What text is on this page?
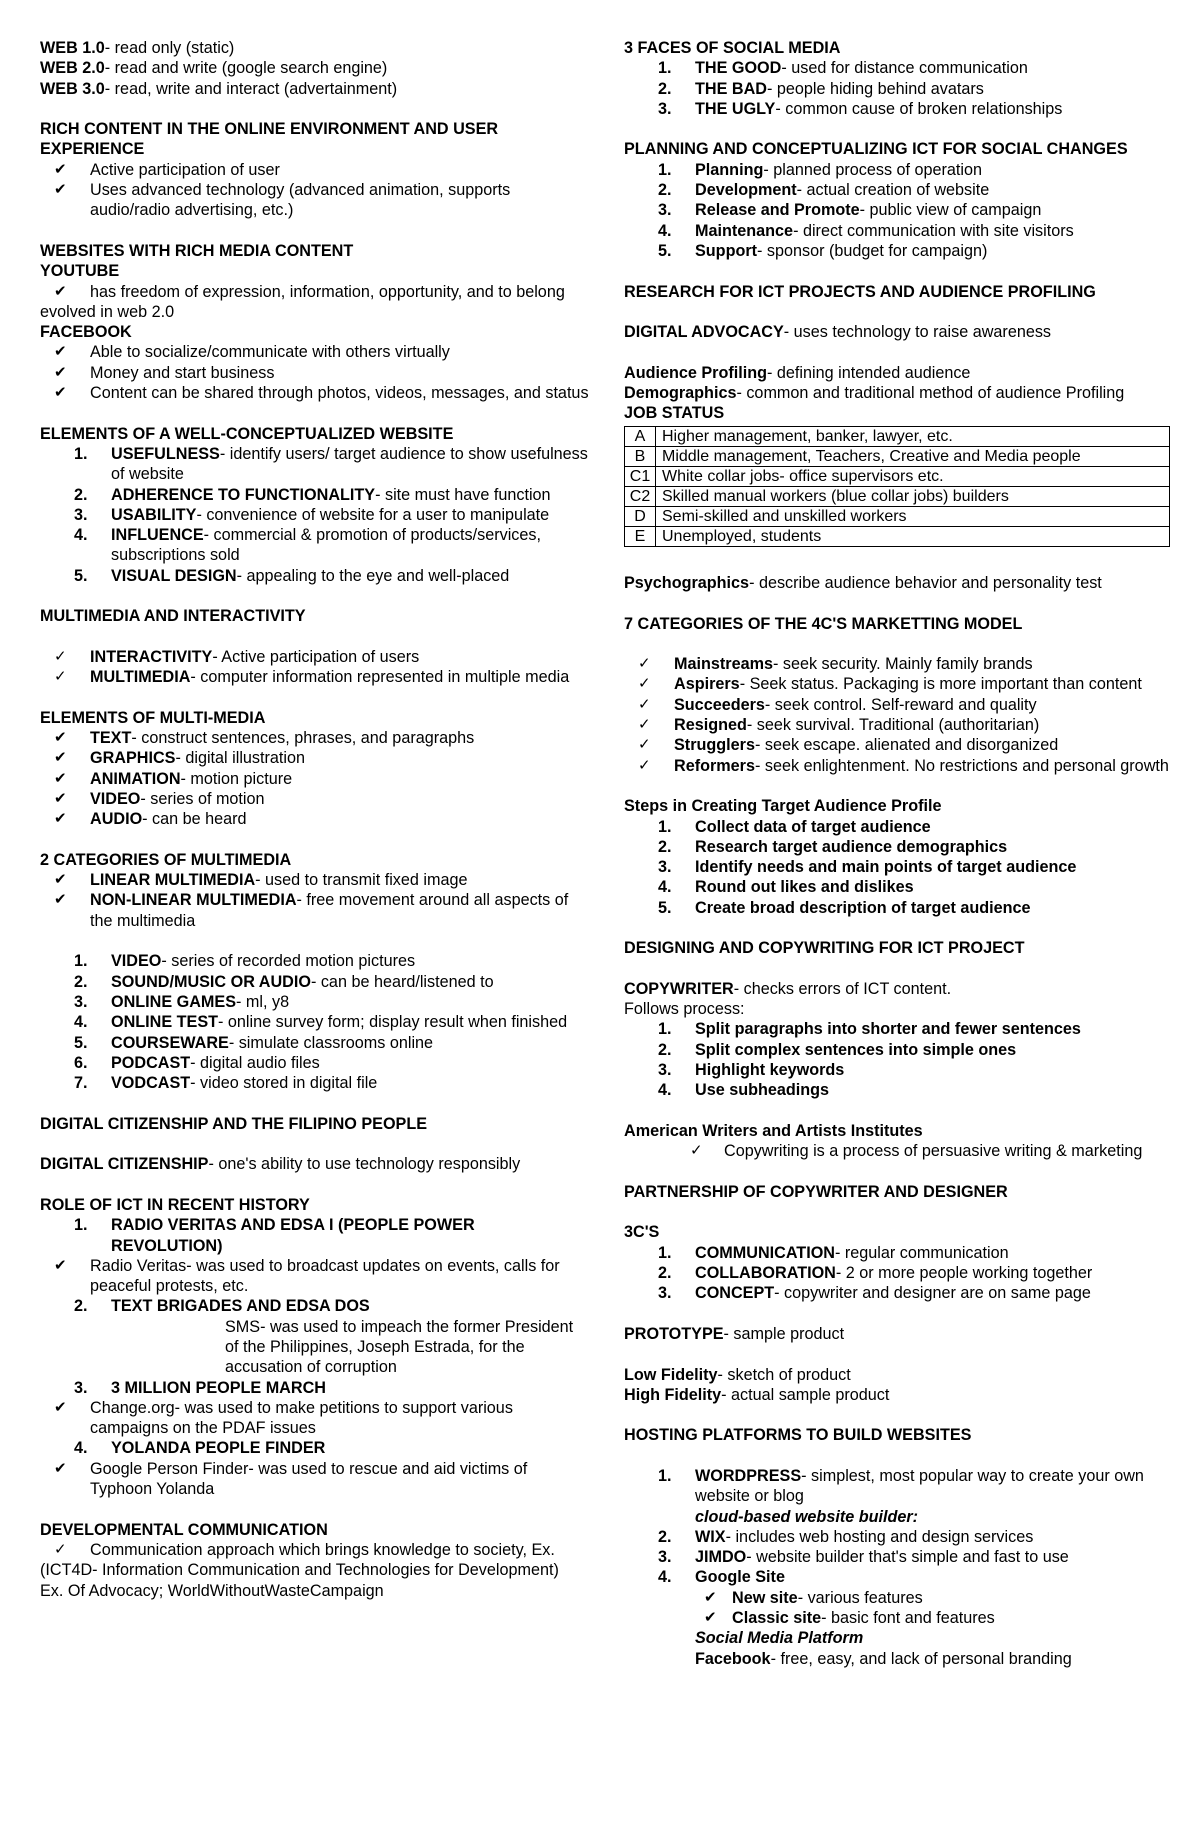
WEB 1.0- read only (static)
WEB 2.0- read and write (google search engine)
WEB 3.0- read, write and interact (advertainment)
RICH CONTENT IN THE ONLINE ENVIRONMENT AND USER EXPERIENCE
✔ Active participation of user
✔ Uses advanced technology (advanced animation, supports audio/radio advertising, etc.)
WEBSITES WITH RICH MEDIA CONTENT
YOUTUBE
✔ has freedom of expression, information, opportunity, and to belong
evolved in web 2.0
FACEBOOK
✔ Able to socialize/communicate with others virtually
✔ Money and start business
✔ Content can be shared through photos, videos, messages, and status
ELEMENTS OF A WELL-CONCEPTUALIZED WEBSITE
1. USEFULNESS- identify users/ target audience to show usefulness of website
2. ADHERENCE TO FUNCTIONALITY- site must have function
3. USABILITY- convenience of website for a user to manipulate
4. INFLUENCE- commercial & promotion of products/services, subscriptions sold
5. VISUAL DESIGN- appealing to the eye and well-placed
MULTIMEDIA AND INTERACTIVITY
✓ INTERACTIVITY- Active participation of users
✓ MULTIMEDIA- computer information represented in multiple media
ELEMENTS OF MULTI-MEDIA
✔ TEXT- construct sentences, phrases, and paragraphs
✔ GRAPHICS- digital illustration
✔ ANIMATION- motion picture
✔ VIDEO- series of motion
✔ AUDIO- can be heard
2 CATEGORIES OF MULTIMEDIA
✔ LINEAR MULTIMEDIA- used to transmit fixed image
✔ NON-LINEAR MULTIMEDIA- free movement around all aspects of the multimedia
1. VIDEO- series of recorded motion pictures
2. SOUND/MUSIC OR AUDIO- can be heard/listened to
3. ONLINE GAMES- ml, y8
4. ONLINE TEST- online survey form; display result when finished
5. COURSEWARE- simulate classrooms online
6. PODCAST- digital audio files
7. VODCAST- video stored in digital file
DIGITAL CITIZENSHIP AND THE FILIPINO PEOPLE
DIGITAL CITIZENSHIP- one's ability to use technology responsibly
ROLE OF ICT IN RECENT HISTORY
1. RADIO VERITAS AND EDSA I (PEOPLE POWER REVOLUTION)
✔ Radio Veritas- was used to broadcast updates on events, calls for peaceful protests, etc.
2. TEXT BRIGADES AND EDSA DOS
SMS- was used to impeach the former President of the Philippines, Joseph Estrada, for the accusation of corruption
3. 3 MILLION PEOPLE MARCH
✔ Change.org- was used to make petitions to support various campaigns on the PDAF issues
4. YOLANDA PEOPLE FINDER
✔ Google Person Finder- was used to rescue and aid victims of Typhoon Yolanda
DEVELOPMENTAL COMMUNICATION
✓ Communication approach which brings knowledge to society, Ex.
(ICT4D- Information Communication and Technologies for Development)
Ex. Of Advocacy; WorldWithoutWasteCampaign
3 FACES OF SOCIAL MEDIA
1. THE GOOD- used for distance communication
2. THE BAD- people hiding behind avatars
3. THE UGLY- common cause of broken relationships
PLANNING AND CONCEPTUALIZING ICT FOR SOCIAL CHANGES
1. Planning- planned process of operation
2. Development- actual creation of website
3. Release and Promote- public view of campaign
4. Maintenance- direct communication with site visitors
5. Support- sponsor (budget for campaign)
RESEARCH FOR ICT PROJECTS AND AUDIENCE PROFILING
DIGITAL ADVOCACY- uses technology to raise awareness
Audience Profiling- defining intended audience
Demographics- common and traditional method of audience Profiling
JOB STATUS
A	Higher management, banker, lawyer, etc.
B	Middle management, Teachers, Creative and Media people
C1	White collar jobs- office supervisors etc.
C2	Skilled manual workers (blue collar jobs) builders
D	Semi-skilled and unskilled workers
E	Unemployed, students
Psychographics- describe audience behavior and personality test
7 CATEGORIES OF THE 4C'S MARKETTING MODEL
✓ Mainstreams- seek security. Mainly family brands
✓ Aspirers- Seek status. Packaging is more important than content
✓ Succeeders- seek control. Self-reward and quality
✓ Resigned- seek survival. Traditional (authoritarian)
✓ Strugglers- seek escape. alienated and disorganized
✓ Reformers- seek enlightenment. No restrictions and personal growth
Steps in Creating Target Audience Profile
1. Collect data of target audience
2. Research target audience demographics
3. Identify needs and main points of target audience
4. Round out likes and dislikes
5. Create broad description of target audience
DESIGNING AND COPYWRITING FOR ICT PROJECT
COPYWRITER- checks errors of ICT content.
Follows process:
1. Split paragraphs into shorter and fewer sentences
2. Split complex sentences into simple ones
3. Highlight keywords
4. Use subheadings
American Writers and Artists Institutes
✓ Copywriting is a process of persuasive writing & marketing
PARTNERSHIP OF COPYWRITER AND DESIGNER
3C'S
1. COMMUNICATION- regular communication
2. COLLABORATION- 2 or more people working together
3. CONCEPT- copywriter and designer are on same page
PROTOTYPE- sample product
Low Fidelity- sketch of product
High Fidelity- actual sample product
HOSTING PLATFORMS TO BUILD WEBSITES
1. WORDPRESS- simplest, most popular way to create your own website or blog
cloud-based website builder:
2. WIX- includes web hosting and design services
3. JIMDO- website builder that's simple and fast to use
4. Google Site
✔ New site- various features
✔ Classic site- basic font and features
Social Media Platform
Facebook- free, easy, and lack of personal branding
